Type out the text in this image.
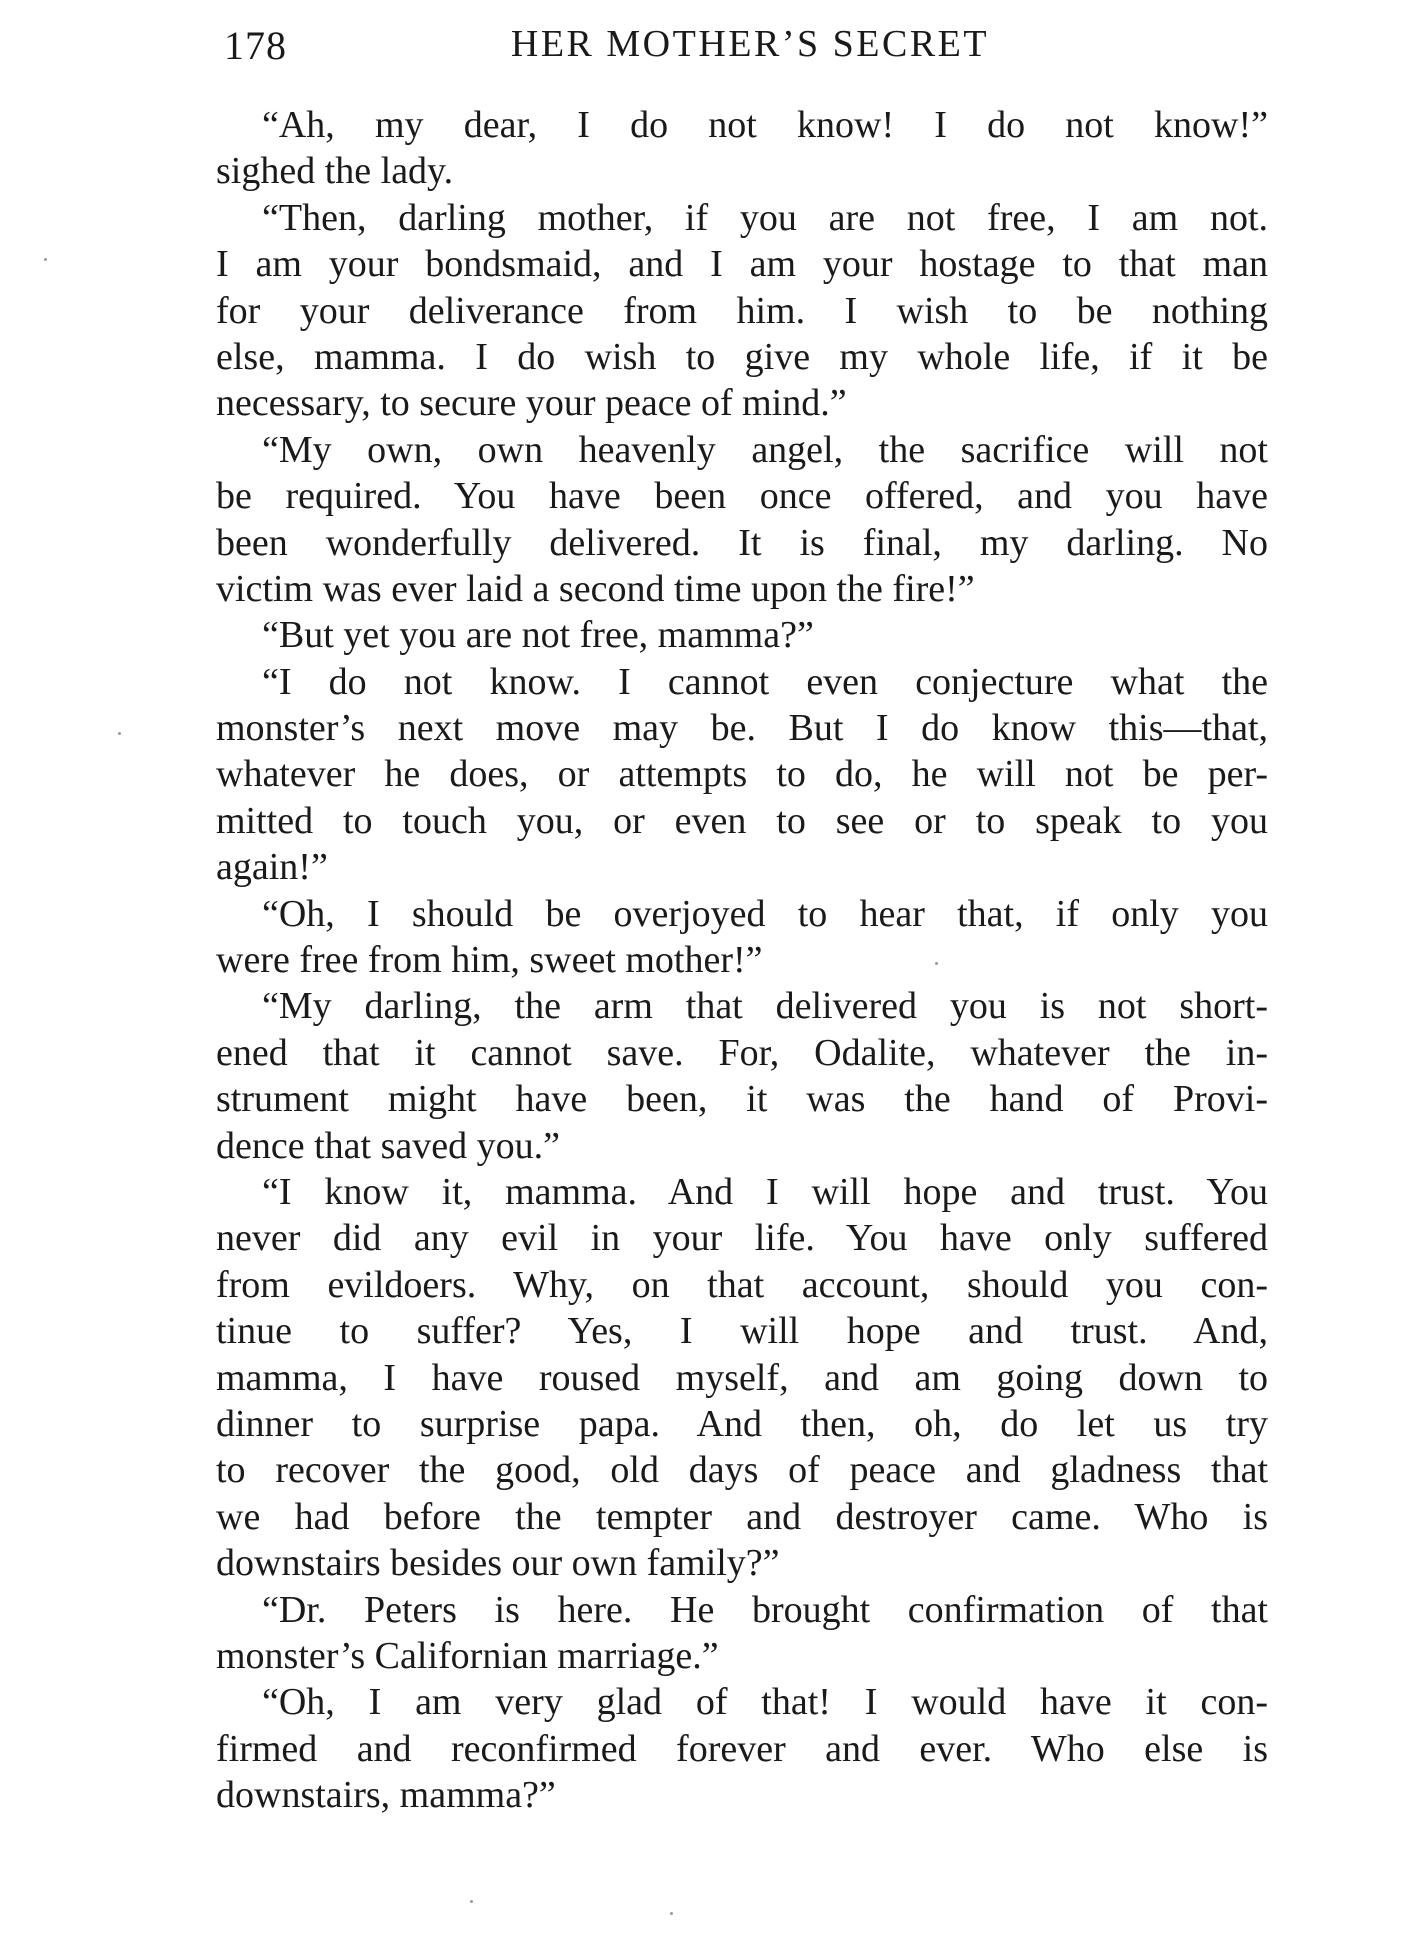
178	HER MOTHER’S SECRET
“Ah, my dear, I do not know! I do not know!”
sighed the lady.
“Then, darling mother, if you are not free, I am not.
I am your bondsmaid, and I am your hostage to that man
for your deliverance from him. I wish to be nothing
else, mamma. I do wish to give my whole life, if it be
necessary, to secure your peace of mind.”
“My own, own heavenly angel, the sacrifice will not
be required. You have been once offered, and you have
been wonderfully delivered. It is final, my darling. No
victim was ever laid a second time upon the fire!”
“But yet you are not free, mamma?”
“I do not know. I cannot even conjecture what the
monster’s next move may be. But I do know this—that,
whatever he does, or attempts to do, he will not be per-
mitted to touch you, or even to see or to speak to you
again!”
“Oh, I should be overjoyed to hear that, if only you
were free from him, sweet mother!”
“My darling, the arm that delivered you is not short-
ened that it cannot save. For, Odalite, whatever the in-
strument might have been, it was the hand of Provi-
dence that saved you.”
“I know it, mamma. And I will hope and trust. You
never did any evil in your life. You have only suffered
from evildoers. Why, on that account, should you con-
tinue to suffer? Yes, I will hope and trust. And,
mamma, I have roused myself, and am going down to
dinner to surprise papa. And then, oh, do let us try
to recover the good, old days of peace and gladness that
we had before the tempter and destroyer came. Who is
downstairs besides our own family?”
“Dr. Peters is here. He brought confirmation of that
monster’s Californian marriage.”
“Oh, I am very glad of that! I would have it con-
firmed and reconfirmed forever and ever. Who else is
downstairs, mamma?”
